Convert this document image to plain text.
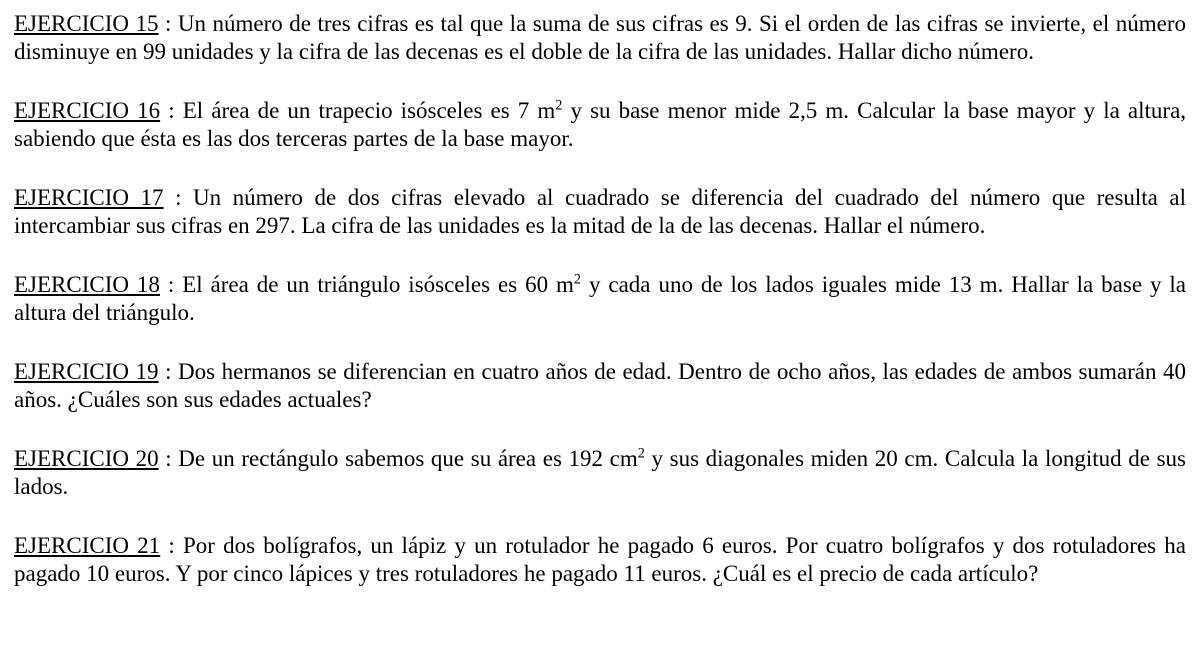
EJERCICIO 15 : Un número de tres cifras es tal que la suma de sus cifras es 9. Si el orden de las cifras se invierte, el número disminuye en 99 unidades y la cifra de las decenas es el doble de la cifra de las unidades. Hallar dicho número.

EJERCICIO 16 : El área de un trapecio isósceles es 7 $m^2$ y su base menor mide 2,5 m. Calcular la base mayor y la altura, sabiendo que ésta es las dos terceras partes de la base mayor.

EJERCICIO 17 : Un número de dos cifras elevado al cuadrado se diferencia del cuadrado del número que resulta al intercambiar sus cifras en 297. La cifra de las unidades es la mitad de la de las decenas. Hallar el número.

EJERCICIO 18 : El área de un triángulo isósceles es 60 $m^2$ y cada uno de los lados iguales mide 13 m. Hallar la base y la altura del triángulo.

EJERCICIO 19 : Dos hermanos se diferencian en cuatro años de edad. Dentro de ocho años, las edades de ambos sumarán 40 años. ¿Cuáles son sus edades actuales?

EJERCICIO 20 : De un rectángulo sabemos que su área es 192 $cm^2$ y sus diagonales miden 20 cm. Calcula la longitud de sus lados.

EJERCICIO 21 : Por dos bolígrafos, un lápiz y un rotulador he pagado 6 euros. Por cuatro bolígrafos y dos rotuladores ha pagado 10 euros. Y por cinco lápices y tres rotuladores he pagado 11 euros. ¿Cuál es el precio de cada artículo?
